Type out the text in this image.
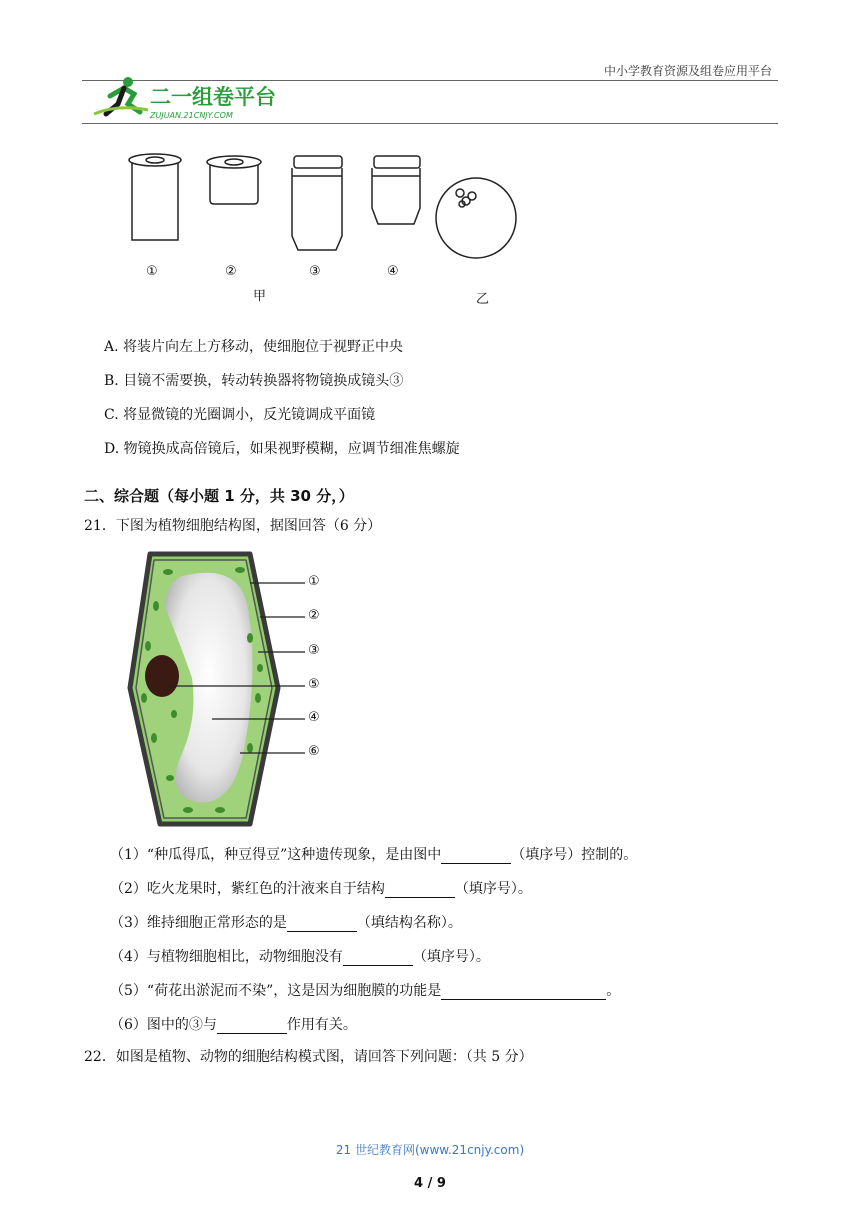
中小学教育资源及组卷应用平台
二一组卷平台
ZUJUAN.21CNJY.COM
①	②	③	④
甲	乙
A. 将装片向左上方移动，使细胞位于视野正中央
B. 目镜不需要换，转动转换器将物镜换成镜头③
C. 将显微镜的光圈调小，反光镜调成平面镜
D. 物镜换成高倍镜后，如果视野模糊，应调节细准焦螺旋
二、综合题（每小题 1 分，共 30 分，）
21．下图为植物细胞结构图，据图回答（6 分）
①
②
③
⑤
④
⑥
（1）“种瓜得瓜，种豆得豆”这种遗传现象，是由图中	（填序号）控制的。
（2）吃火龙果时，紫红色的汁液来自于结构	（填序号）。
（3）维持细胞正常形态的是	（填结构名称）。
（4）与植物细胞相比，动物细胞没有	（填序号）。
（5）“荷花出淤泥而不染”，这是因为细胞膜的功能是	。
（6）图中的③与	作用有关。
22．如图是植物、动物的细胞结构模式图，请回答下列问题：（共 5 分）
21 世纪教育网(www.21cnjy.com)
4 / 9
